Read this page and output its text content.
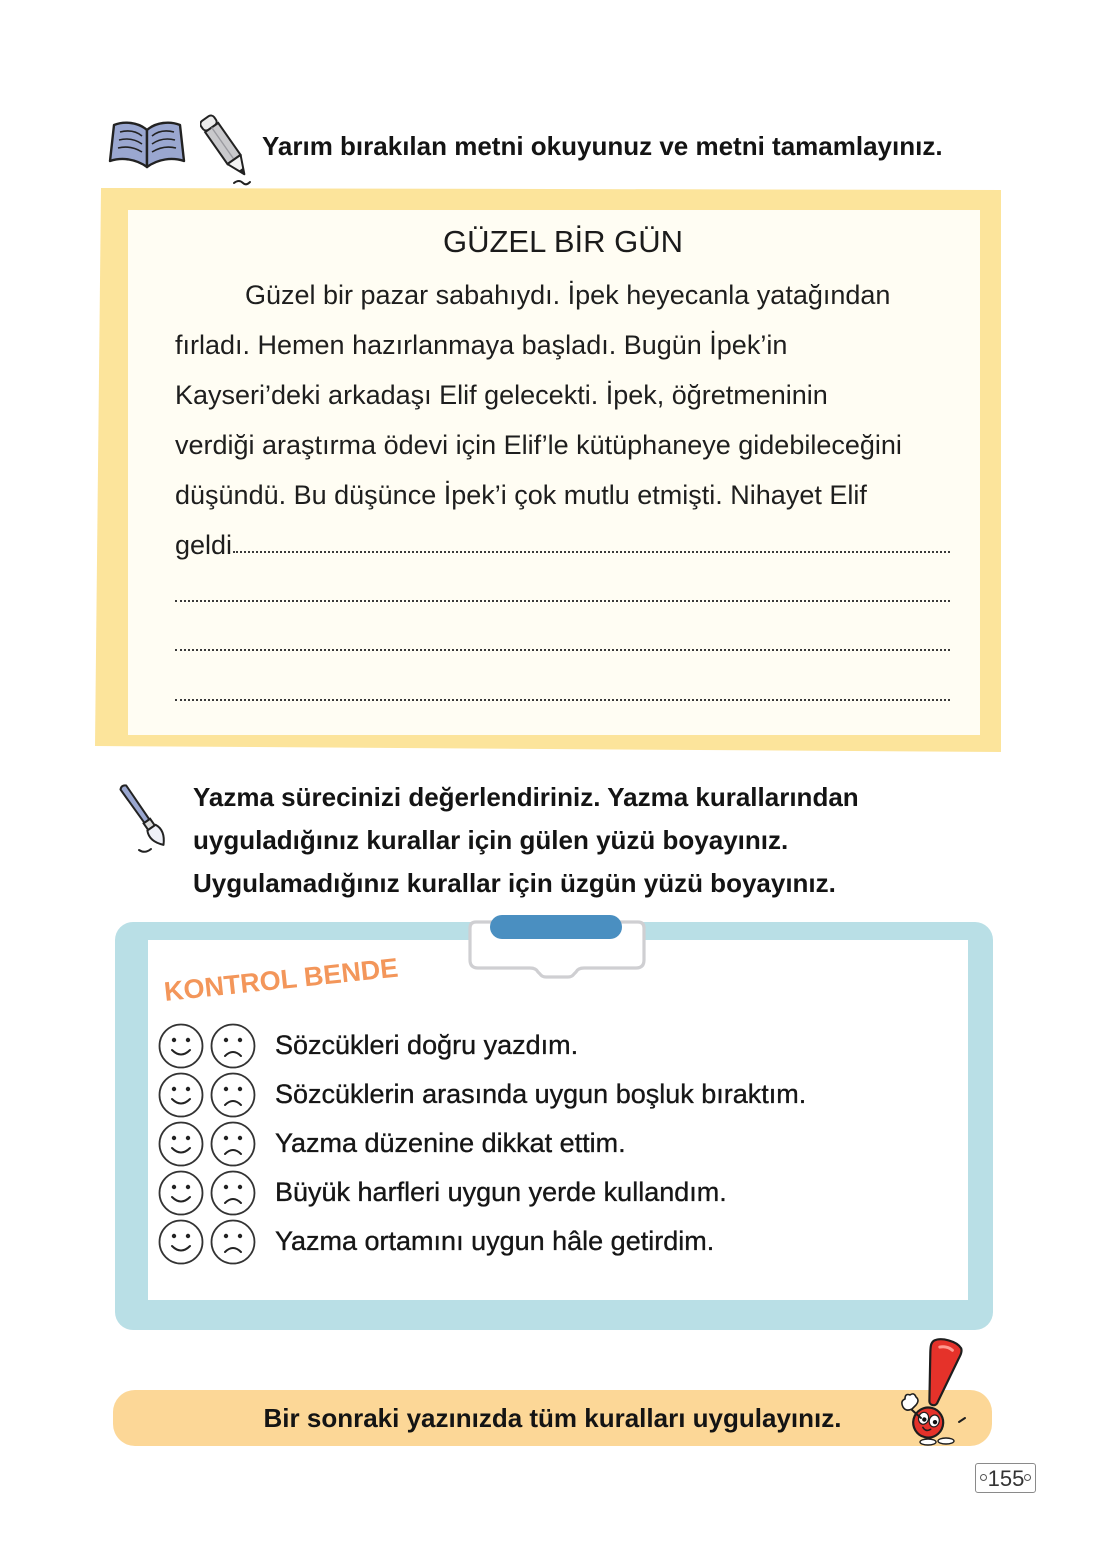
Yarım bırakılan metni okuyunuz ve metni tamamlayınız.
GÜZEL BİR GÜN
Güzel bir pazar sabahıydı. İpek heyecanla yatağından
fırladı. Hemen hazırlanmaya başladı. Bugün İpek’in
Kayseri’deki arkadaşı Elif gelecekti. İpek, öğretmeninin
verdiği araştırma ödevi için Elif’le kütüphaneye gidebileceğini
düşündü. Bu düşünce İpek’i çok mutlu etmişti. Nihayet Elif
geldi
Yazma sürecinizi değerlendiriniz. Yazma kurallarından
uyguladığınız kurallar için gülen yüzü boyayınız.
Uygulamadığınız kurallar için üzgün yüzü boyayınız.
KONTROL BENDE
Sözcükleri doğru yazdım.
Sözcüklerin arasında uygun boşluk bıraktım.
Yazma düzenine dikkat ettim.
Büyük harfleri uygun yerde kullandım.
Yazma ortamını uygun hâle getirdim.
Bir sonraki yazınızda tüm kuralları uygulayınız.
155
